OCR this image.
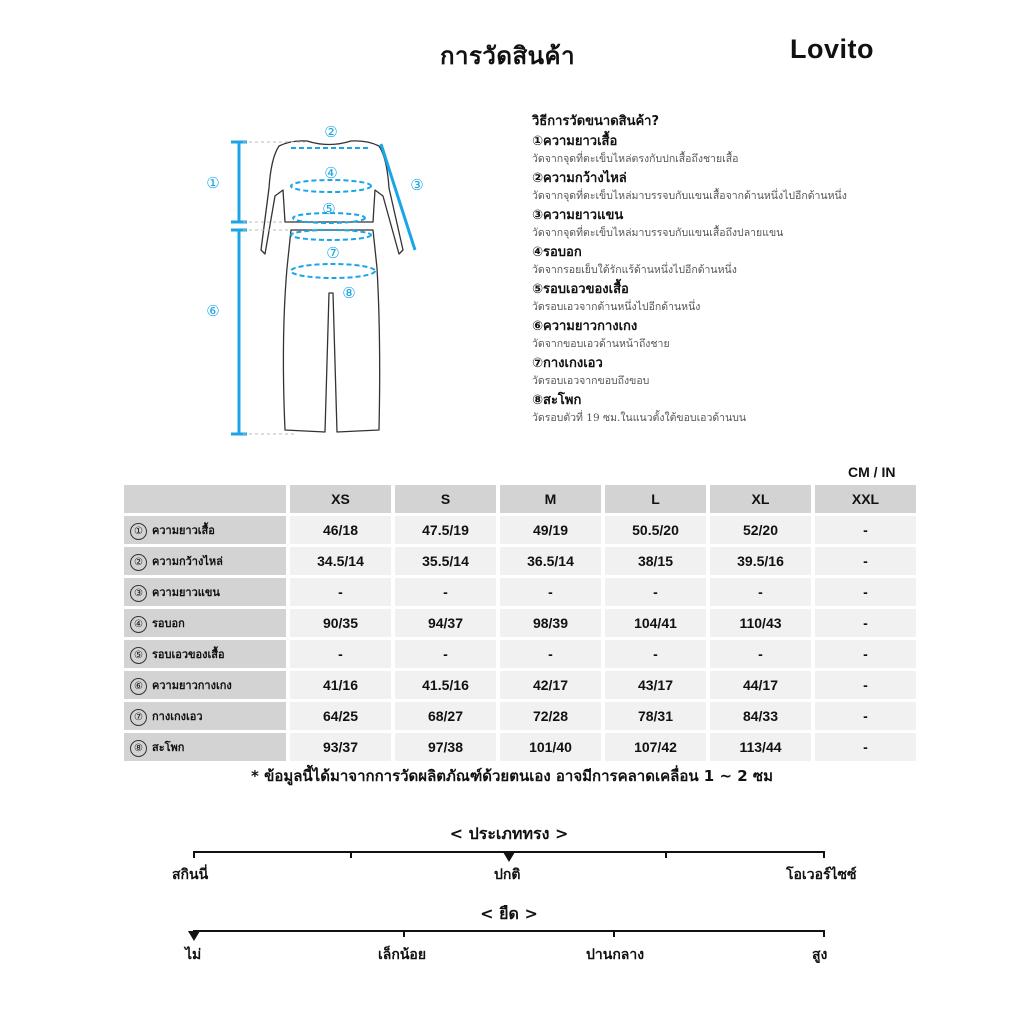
การวัดสินค้า	Lovito
①
②
③
④
⑤
⑥
⑦
⑧
วิธีการวัดขนาดสินค้า?
①ความยาวเสื้อ
วัดจากจุดที่ตะเข็บไหล่ตรงกับปกเสื้อถึงชายเสื้อ
②ความกว้างไหล่
วัดจากจุดที่ตะเข็บไหล่มาบรรจบกับแขนเสื้อจากด้านหนึ่งไปอีกด้านหนึ่ง
③ความยาวแขน
วัดจากจุดที่ตะเข็บไหล่มาบรรจบกับแขนเสื้อถึงปลายแขน
④รอบอก
วัดจากรอยเย็บใต้รักแร้ด้านหนึ่งไปอีกด้านหนึ่ง
⑤รอบเอวของเสื้อ
วัดรอบเอวจากด้านหนึ่งไปอีกด้านหนึ่ง
⑥ความยาวกางเกง
วัดจากขอบเอวด้านหน้าถึงชาย
⑦กางเกงเอว
วัดรอบเอวจากขอบถึงขอบ
⑧สะโพก
วัดรอบตัวที่ 19 ซม.ในแนวตั้งใต้ขอบเอวด้านบน
CM / IN
	XS	S	M	L	XL	XXL
① ความยาวเสื้อ	46/18	47.5/19	49/19	50.5/20	52/20	-
② ความกว้างไหล่	34.5/14	35.5/14	36.5/14	38/15	39.5/16	-
③ ความยาวแขน	-	-	-	-	-	-
④ รอบอก	90/35	94/37	98/39	104/41	110/43	-
⑤ รอบเอวของเสื้อ	-	-	-	-	-	-
⑥ ความยาวกางเกง	41/16	41.5/16	42/17	43/17	44/17	-
⑦ กางเกงเอว	64/25	68/27	72/28	78/31	84/33	-
⑧ สะโพก	93/37	97/38	101/40	107/42	113/44	-
* ข้อมูลนี้ได้มาจากการวัดผลิตภัณฑ์ด้วยตนเอง อาจมีการคลาดเคลื่อน 1 ~ 2 ซม
< ประเภททรง >
สกินนี่	ปกติ	โอเวอร์ไซซ์
< ยืด >
ไม่	เล็กน้อย	ปานกลาง	สูง
